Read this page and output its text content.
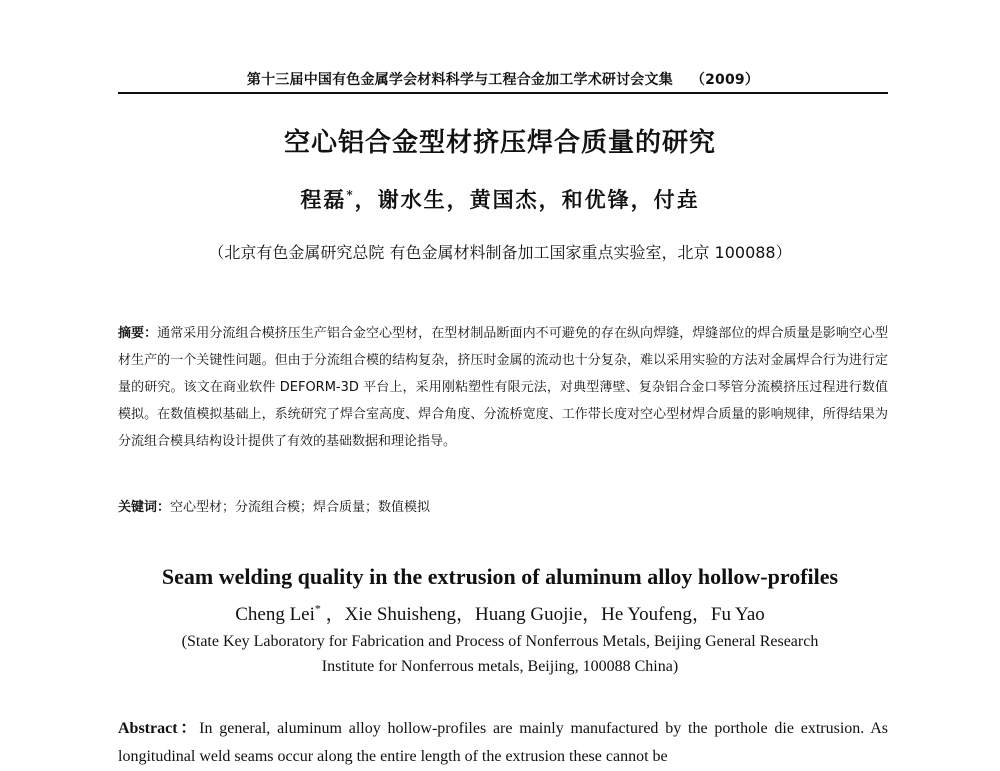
第十三届中国有色金属学会材料科学与工程合金加工学术研讨会文集 （2009）
空心铝合金型材挤压焊合质量的研究
程磊*，谢水生，黄国杰，和优锋，付垚
（北京有色金属研究总院 有色金属材料制备加工国家重点实验室，北京 100088）
摘要：通常采用分流组合模挤压生产铝合金空心型材，在型材制品断面内不可避免的存在纵向焊缝，焊缝部位的焊合质量是影响空心型材生产的一个关键性问题。但由于分流组合模的结构复杂，挤压时金属的流动也十分复杂，难以采用实验的方法对金属焊合行为进行定量的研究。该文在商业软件 DEFORM-3D 平台上，采用刚粘塑性有限元法，对典型薄壁、复杂铝合金口琴管分流模挤压过程进行数值模拟。在数值模拟基础上，系统研究了焊合室高度、焊合角度、分流桥宽度、工作带长度对空心型材焊合质量的影响规律，所得结果为分流组合模具结构设计提供了有效的基础数据和理论指导。
关键词：空心型材；分流组合模；焊合质量；数值模拟
Seam welding quality in the extrusion of aluminum alloy hollow-profiles
Cheng Lei* ，Xie Shuisheng，Huang Guojie，He Youfeng，Fu Yao
(State Key Laboratory for Fabrication and Process of Nonferrous Metals, Beijing General Research
Institute for Nonferrous metals, Beijing, 100088 China)
Abstract：In general, aluminum alloy hollow-profiles are mainly manufactured by the porthole die extrusion. As longitudinal weld seams occur along the entire length of the extrusion these cannot be
